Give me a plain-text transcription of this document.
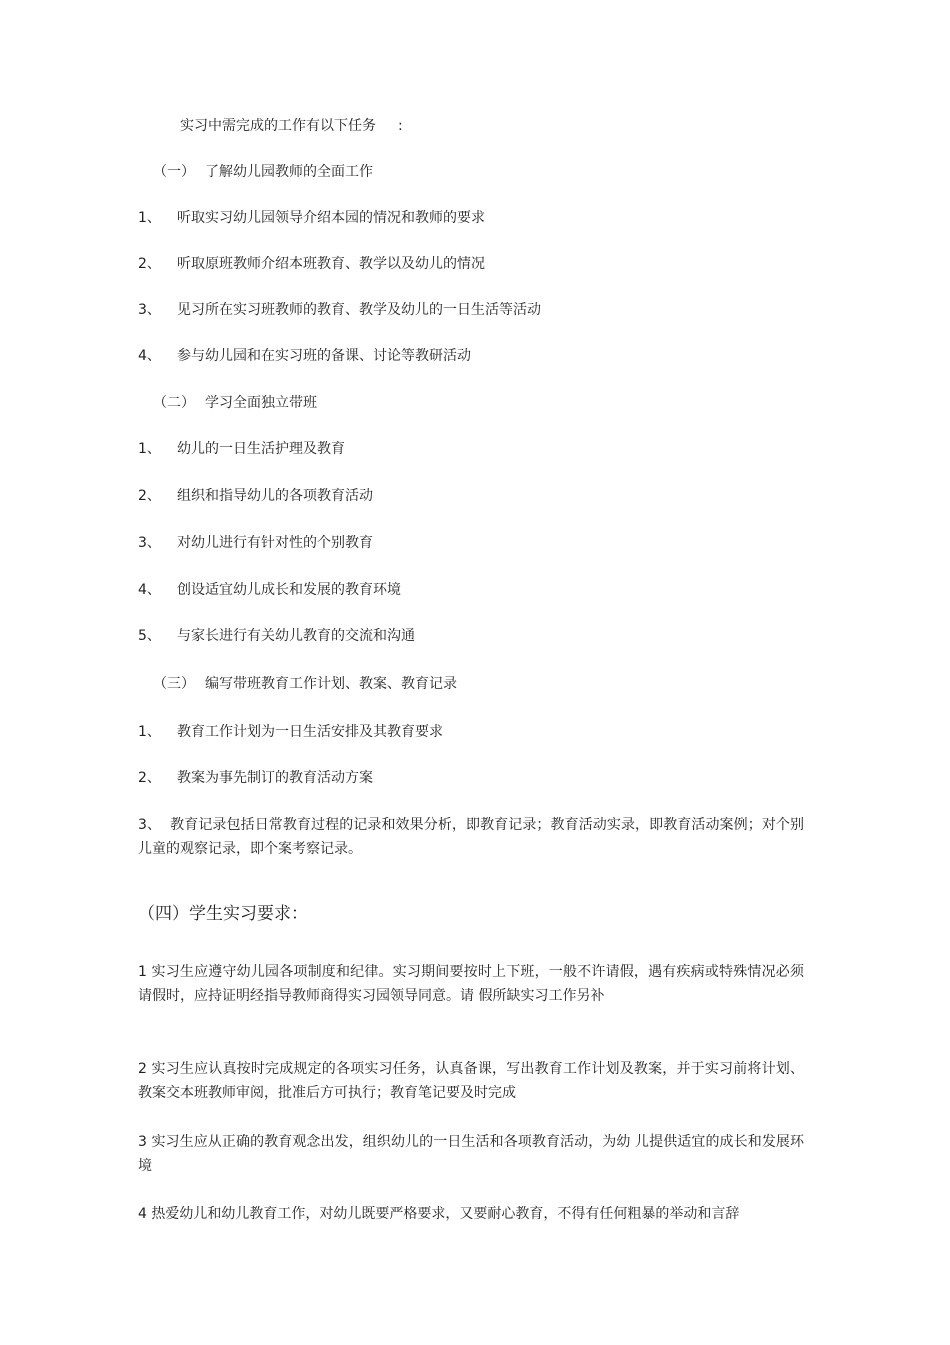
实习中需完成的工作有以下任务 :
（一） 了解幼儿园教师的全面工作
1、 听取实习幼儿园领导介绍本园的情况和教师的要求
2、 听取原班教师介绍本班教育、教学以及幼儿的情况
3、 见习所在实习班教师的教育、教学及幼儿的一日生活等活动
4、 参与幼儿园和在实习班的备课、讨论等教研活动
（二） 学习全面独立带班
1、 幼儿的一日生活护理及教育
2、 组织和指导幼儿的各项教育活动
3、 对幼儿进行有针对性的个别教育
4、 创设适宜幼儿成长和发展的教育环境
5、 与家长进行有关幼儿教育的交流和沟通
（三） 编写带班教育工作计划、教案、教育记录
1、 教育工作计划为一日生活安排及其教育要求
2、 教案为事先制订的教育活动方案
3、 教育记录包括日常教育过程的记录和效果分析，即教育记录；教育活动实录，即教育活动案例；对个别儿童的观察记录，即个案考察记录。
（四）学生实习要求：
1 实习生应遵守幼儿园各项制度和纪律。实习期间要按时上下班，一般不许请假，遇有疾病或特殊情况必须请假时，应持证明经指导教师商得实习园领导同意。请 假所缺实习工作另补
2 实习生应认真按时完成规定的各项实习任务，认真备课，写出教育工作计划及教案，并于实习前将计划、教案交本班教师审阅，批准后方可执行；教育笔记要及时完成
3 实习生应从正确的教育观念出发，组织幼儿的一日生活和各项教育活动，为幼 儿提供适宜的成长和发展环境
4 热爱幼儿和幼儿教育工作，对幼儿既要严格要求，又要耐心教育，不得有任何粗暴的举动和言辞
